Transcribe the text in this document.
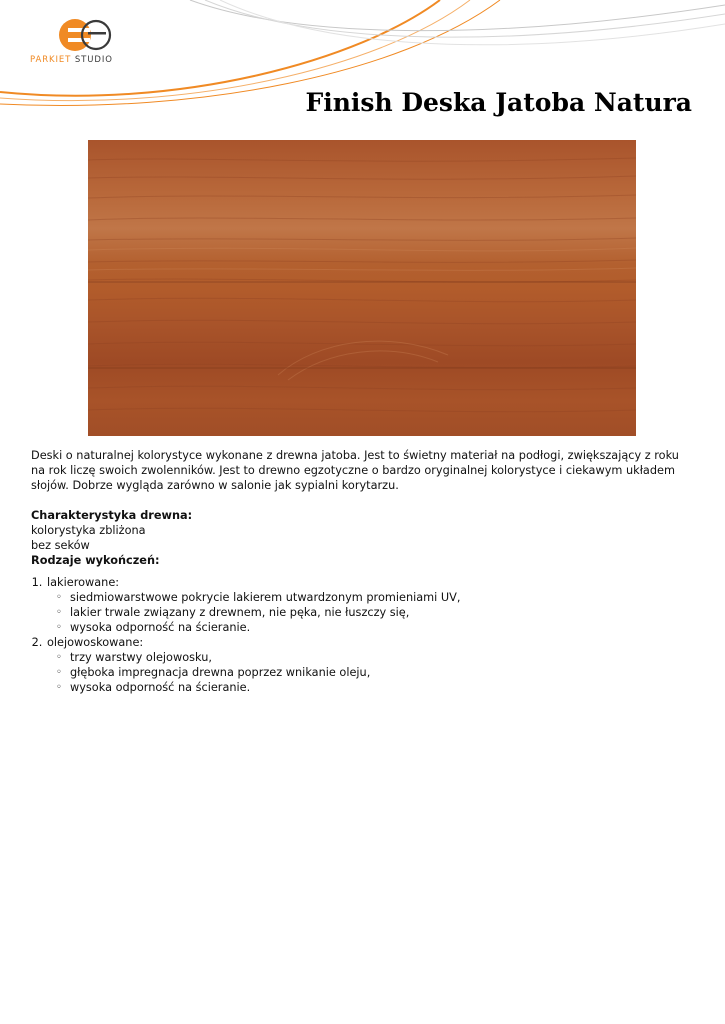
PARKIET STUDIO
Finish Deska Jatoba Natura

Deski o naturalnej kolorystyce wykonane z drewna jatoba. Jest to świetny materiał na podłogi, zwiększający z roku na rok liczę swoich zwolenników. Jest to drewno egzotyczne o bardzo oryginalnej kolorystyce i ciekawym układem słojów. Dobrze wygląda zarówno w salonie jak sypialni korytarzu.

Charakterystyka drewna:

kolorystyka zbliżona

bez seków

Rodzaje wykończeń:

1. lakierowane:
◦ siedmiowarstwowe pokrycie lakierem utwardzonym promieniami UV,
◦ lakier trwale związany z drewnem, nie pęka, nie łuszczy się,
◦ wysoka odporność na ścieranie.
2. olejowoskowane:
◦ trzy warstwy olejowosku,
◦ głęboka impregnacja drewna poprzez wnikanie oleju,
◦ wysoka odporność na ścieranie.
